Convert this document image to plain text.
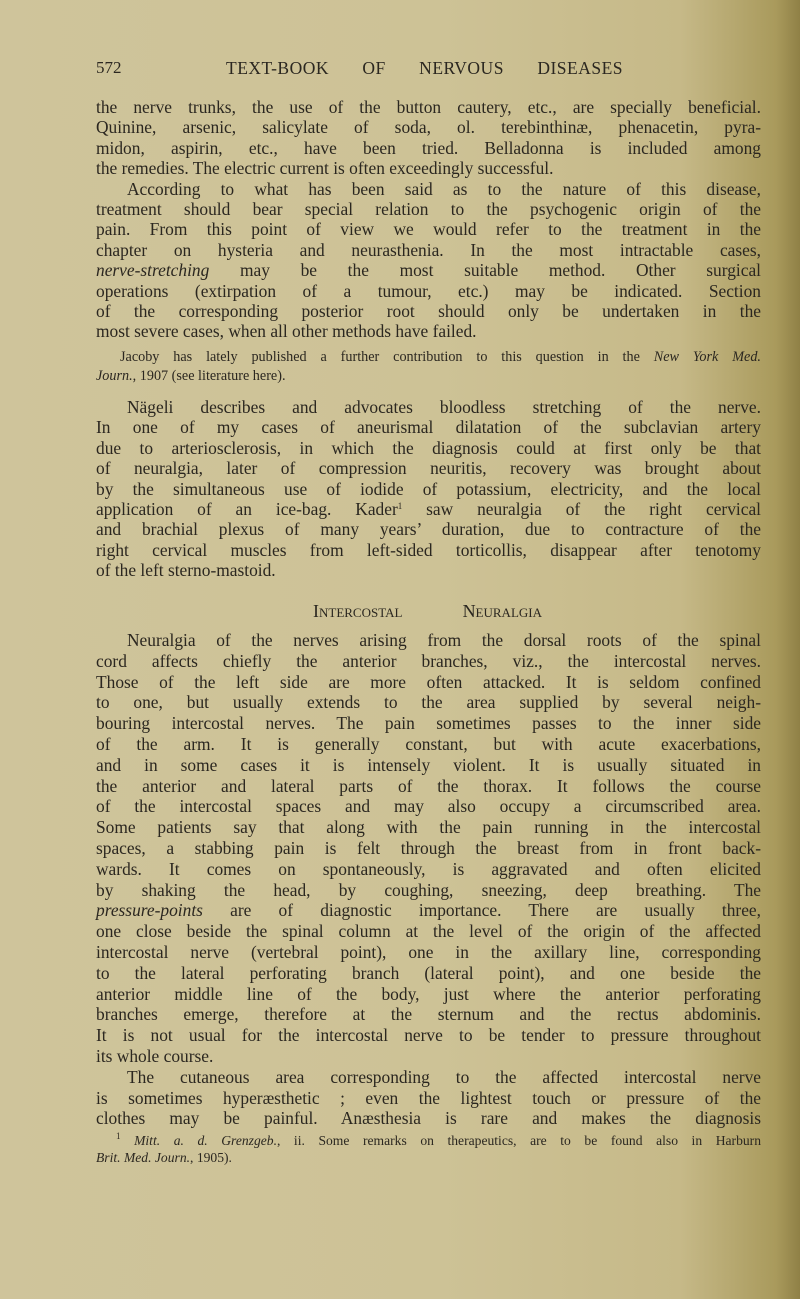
572	TEXT-BOOK OF NERVOUS DISEASES
the nerve trunks, the use of the button cautery, etc., are specially beneficial.
Quinine, arsenic, salicylate of soda, ol. terebinthinæ, phenacetin, pyra-
midon, aspirin, etc., have been tried. Belladonna is included among
the remedies. The electric current is often exceedingly successful.
According to what has been said as to the nature of this disease,
treatment should bear special relation to the psychogenic origin of the
pain. From this point of view we would refer to the treatment in the
chapter on hysteria and neurasthenia. In the most intractable cases,
nerve-stretching may be the most suitable method. Other surgical
operations (extirpation of a tumour, etc.) may be indicated. Section
of the corresponding posterior root should only be undertaken in the
most severe cases, when all other methods have failed.
Jacoby has lately published a further contribution to this question in the New York Med.
Journ., 1907 (see literature here).
Nägeli describes and advocates bloodless stretching of the nerve.
In one of my cases of aneurismal dilatation of the subclavian artery
due to arteriosclerosis, in which the diagnosis could at first only be that
of neuralgia, later of compression neuritis, recovery was brought about
by the simultaneous use of iodide of potassium, electricity, and the local
application of an ice-bag. Kader$^1$ saw neuralgia of the right cervical
and brachial plexus of many years’ duration, due to contracture of the
right cervical muscles from left-sided torticollis, disappear after tenotomy
of the left sterno-mastoid.
Intercostal Neuralgia
Neuralgia of the nerves arising from the dorsal roots of the spinal
cord affects chiefly the anterior branches, viz., the intercostal nerves.
Those of the left side are more often attacked. It is seldom confined
to one, but usually extends to the area supplied by several neigh-
bouring intercostal nerves. The pain sometimes passes to the inner side
of the arm. It is generally constant, but with acute exacerbations,
and in some cases it is intensely violent. It is usually situated in
the anterior and lateral parts of the thorax. It follows the course
of the intercostal spaces and may also occupy a circumscribed area.
Some patients say that along with the pain running in the intercostal
spaces, a stabbing pain is felt through the breast from in front back-
wards. It comes on spontaneously, is aggravated and often elicited
by shaking the head, by coughing, sneezing, deep breathing. The
pressure-points are of diagnostic importance. There are usually three,
one close beside the spinal column at the level of the origin of the affected
intercostal nerve (vertebral point), one in the axillary line, corresponding
to the lateral perforating branch (lateral point), and one beside the
anterior middle line of the body, just where the anterior perforating
branches emerge, therefore at the sternum and the rectus abdominis.
It is not usual for the intercostal nerve to be tender to pressure throughout
its whole course.
The cutaneous area corresponding to the affected intercostal nerve
is sometimes hyperæsthetic ; even the lightest touch or pressure of the
clothes may be painful. Anæsthesia is rare and makes the diagnosis
$^1$ Mitt. a. d. Grenzgeb., ii. Some remarks on therapeutics, are to be found also in Harburn
Brit. Med. Journ., 1905).
